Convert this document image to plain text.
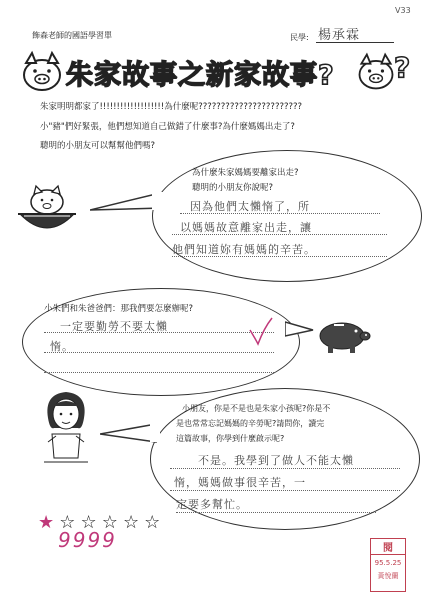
飾森老師的國語學習單
V33
民學: 楊承霖
朱家故事之新家故事? ?
朱家明明都家了!!!!!!!!!!!!!!!!!!!為什麼呢???????????????????????
小"豬"們好緊張，他們想知道自己做錯了什麼事?為什麼媽媽出走了?
聰明的小朋友可以幫幫他們嗎?
為什麼朱家媽媽要離家出走?
聰明的小朋友你說呢?
因為他們太懶惰了，所
以媽媽故意離家出走，讓
他們知道妳有媽媽的辛苦。
小朱們和朱爸爸們：那我們要怎麼辦呢?
一定要勤勞不要太懶
惰。
小朋友，你是不是也是朱家小孩呢?你是不
是也常常忘記媽媽的辛勞呢?請問你，讀完
這篇故事，你學到什麼啟示呢?
不是。我學到了做人不能太懶
惰，媽媽做事很辛苦，一
定要多幫忙。
★ ☆ ☆ ☆ ☆ ☆
9999	閱
95.5.25
黃悅蘭
